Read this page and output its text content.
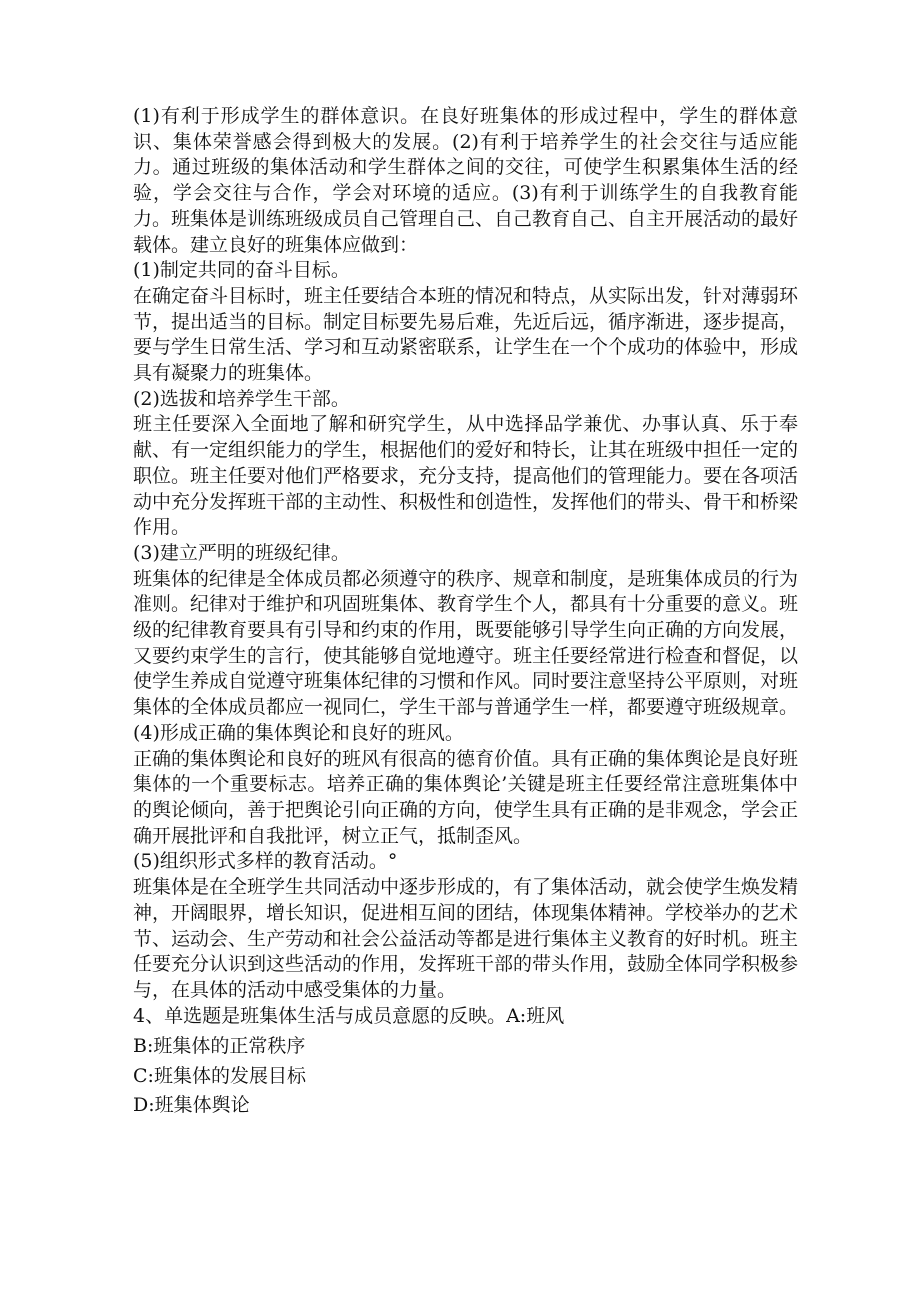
(1)有利于形成学生的群体意识。在良好班集体的形成过程中，学生的群体意识、集体荣誉感会得到极大的发展。(2)有利于培养学生的社会交往与适应能力。通过班级的集体活动和学生群体之间的交往，可使学生积累集体生活的经验，学会交往与合作，学会对环境的适应。(3)有利于训练学生的自我教育能力。班集体是训练班级成员自己管理自己、自己教育自己、自主开展活动的最好载体。建立良好的班集体应做到：

(1)制定共同的奋斗目标。

在确定奋斗目标时，班主任要结合本班的情况和特点，从实际出发，针对薄弱环节，提出适当的目标。制定目标要先易后难，先近后远，循序渐进，逐步提高，要与学生日常生活、学习和互动紧密联系，让学生在一个个成功的体验中，形成具有凝聚力的班集体。

(2)选拔和培养学生干部。

班主任要深入全面地了解和研究学生，从中选择品学兼优、办事认真、乐于奉献、有一定组织能力的学生，根据他们的爱好和特长，让其在班级中担任一定的职位。班主任要对他们严格要求，充分支持，提高他们的管理能力。要在各项活动中充分发挥班干部的主动性、积极性和创造性，发挥他们的带头、骨干和桥梁作用。

(3)建立严明的班级纪律。

班集体的纪律是全体成员都必须遵守的秩序、规章和制度，是班集体成员的行为准则。纪律对于维护和巩固班集体、教育学生个人，都具有十分重要的意义。班级的纪律教育要具有引导和约束的作用，既要能够引导学生向正确的方向发展，又要约束学生的言行，使其能够自觉地遵守。班主任要经常进行检查和督促，以使学生养成自觉遵守班集体纪律的习惯和作风。同时要注意坚持公平原则，对班集体的全体成员都应一视同仁，学生干部与普通学生一样，都要遵守班级规章。

(4)形成正确的集体舆论和良好的班风。

正确的集体舆论和良好的班风有很高的德育价值。具有正确的集体舆论是良好班集体的一个重要标志。培养正确的集体舆论’关键是班主任要经常注意班集体中的舆论倾向，善于把舆论引向正确的方向，使学生具有正确的是非观念，学会正确开展批评和自我批评，树立正气，抵制歪风。

(5)组织形式多样的教育活动。°

班集体是在全班学生共同活动中逐步形成的，有了集体活动，就会使学生焕发精神，开阔眼界，增长知识，促进相互间的团结，体现集体精神。学校举办的艺术节、运动会、生产劳动和社会公益活动等都是进行集体主义教育的好时机。班主任要充分认识到这些活动的作用，发挥班干部的带头作用，鼓励全体同学积极参与，在具体的活动中感受集体的力量。

4、单选题是班集体生活与成员意愿的反映。A:班风

B:班集体的正常秩序

C:班集体的发展目标

D:班集体舆论
